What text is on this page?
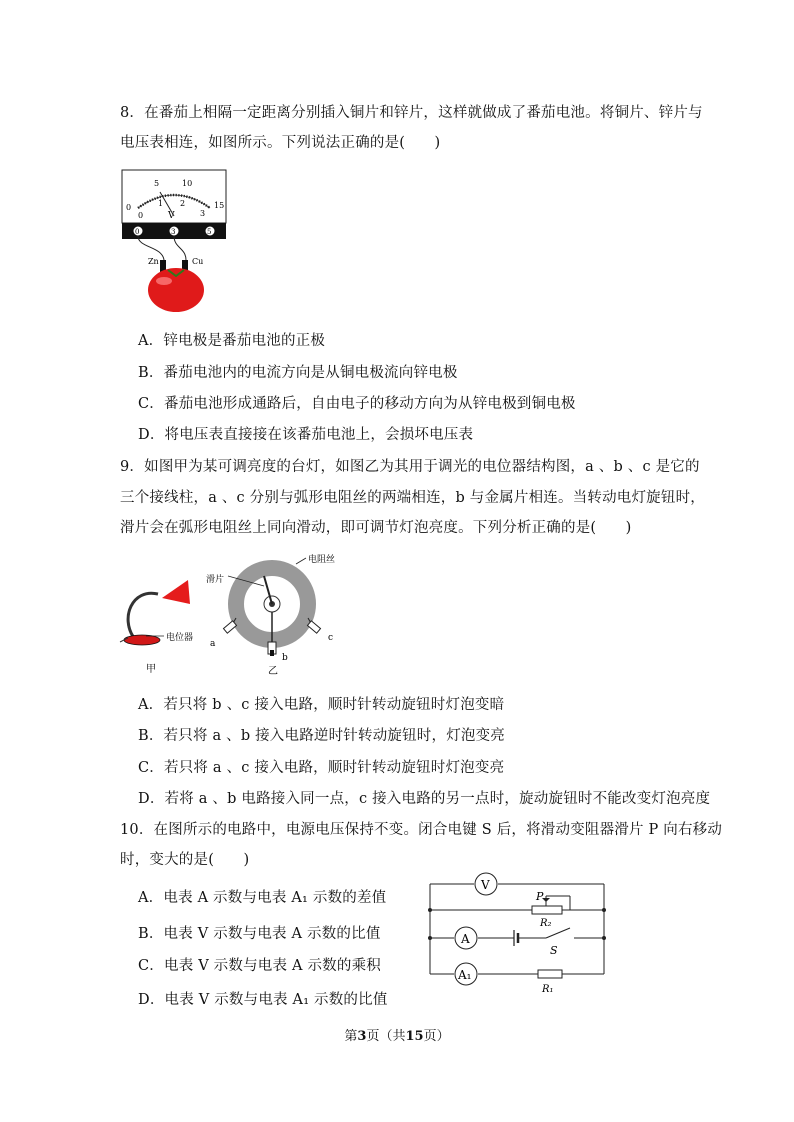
8．在番茄上相隔一定距离分别插入铜片和锌片，这样就做成了番茄电池。将铜片、锌片与
电压表相连，如图所示。下列说法正确的是(　　)
5	10
0	15
0
1 2
3
V
0	3	5
Zn	Cu
A．锌电极是番茄电池的正极
B．番茄电池内的电流方向是从铜电极流向锌电极
C．番茄电池形成通路后，自由电子的移动方向为从锌电极到铜电极
D．将电压表直接接在该番茄电池上，会损坏电压表
9．如图甲为某可调亮度的台灯，如图乙为其用于调光的电位器结构图，a 、b 、c 是它的
三个接线柱，a 、c 分别与弧形电阻丝的两端相连，b 与金属片相连。当转动电灯旋钮时，
滑片会在弧形电阻丝上同向滑动，即可调节灯泡亮度。下列分析正确的是(　　)
电位器
甲
滑片
电阻丝
a
b
c
乙
A．若只将 b 、c 接入电路，顺时针转动旋钮时灯泡变暗
B．若只将 a 、b 接入电路逆时针转动旋钮时，灯泡变亮
C．若只将 a 、c 接入电路，顺时针转动旋钮时灯泡变亮
D．若将 a 、b 电路接入同一点，c 接入电路的另一点时，旋动旋钮时不能改变灯泡亮度
10．在图所示的电路中，电源电压保持不变。闭合电键 S 后，将滑动变阻器滑片 P 向右移动
时，变大的是(　　)
A．电表 A 示数与电表 A₁ 示数的差值
B．电表 V 示数与电表 A 示数的比值
C．电表 V 示数与电表 A 示数的乘积
D．电表 V 示数与电表 A₁ 示数的比值
V
P
R₂
A
S
A₁
R₁
第3页（共15页）
